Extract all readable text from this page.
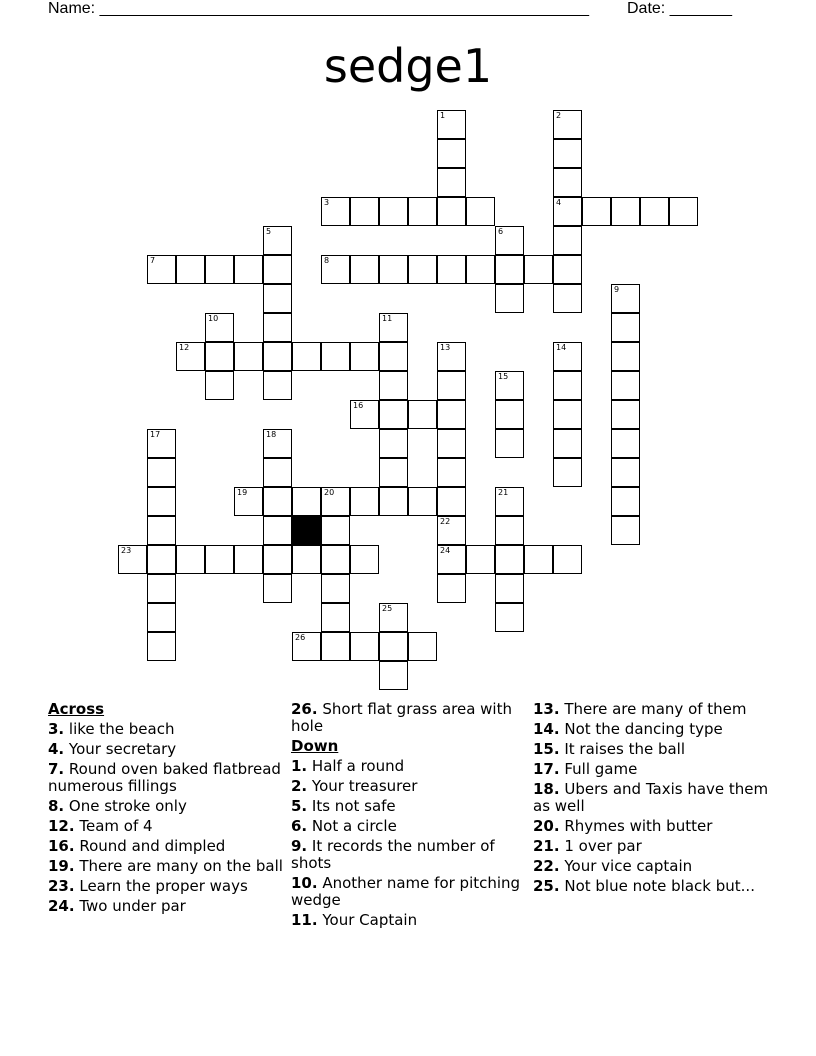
Name: _______________________________________________________ Date: _______
sedge1
1	2
3	4
5	6
7	8
9
10	11
12	13	14
15
16
17	18
19	20	21
22
23	24
25
26
Across
3. like the beach
4. Your secretary
7. Round oven baked flatbread numerous fillings
8. One stroke only
12. Team of 4
16. Round and dimpled
19. There are many on the ball
23. Learn the proper ways
24. Two under par
26. Short flat grass area with hole
Down
1. Half a round
2. Your treasurer
5. Its not safe
6. Not a circle
9. It records the number of shots
10. Another name for pitching wedge
11. Your Captain
13. There are many of them
14. Not the dancing type
15. It raises the ball
17. Full game
18. Ubers and Taxis have them as well
20. Rhymes with butter
21. 1 over par
22. Your vice captain
25. Not blue note black but...
